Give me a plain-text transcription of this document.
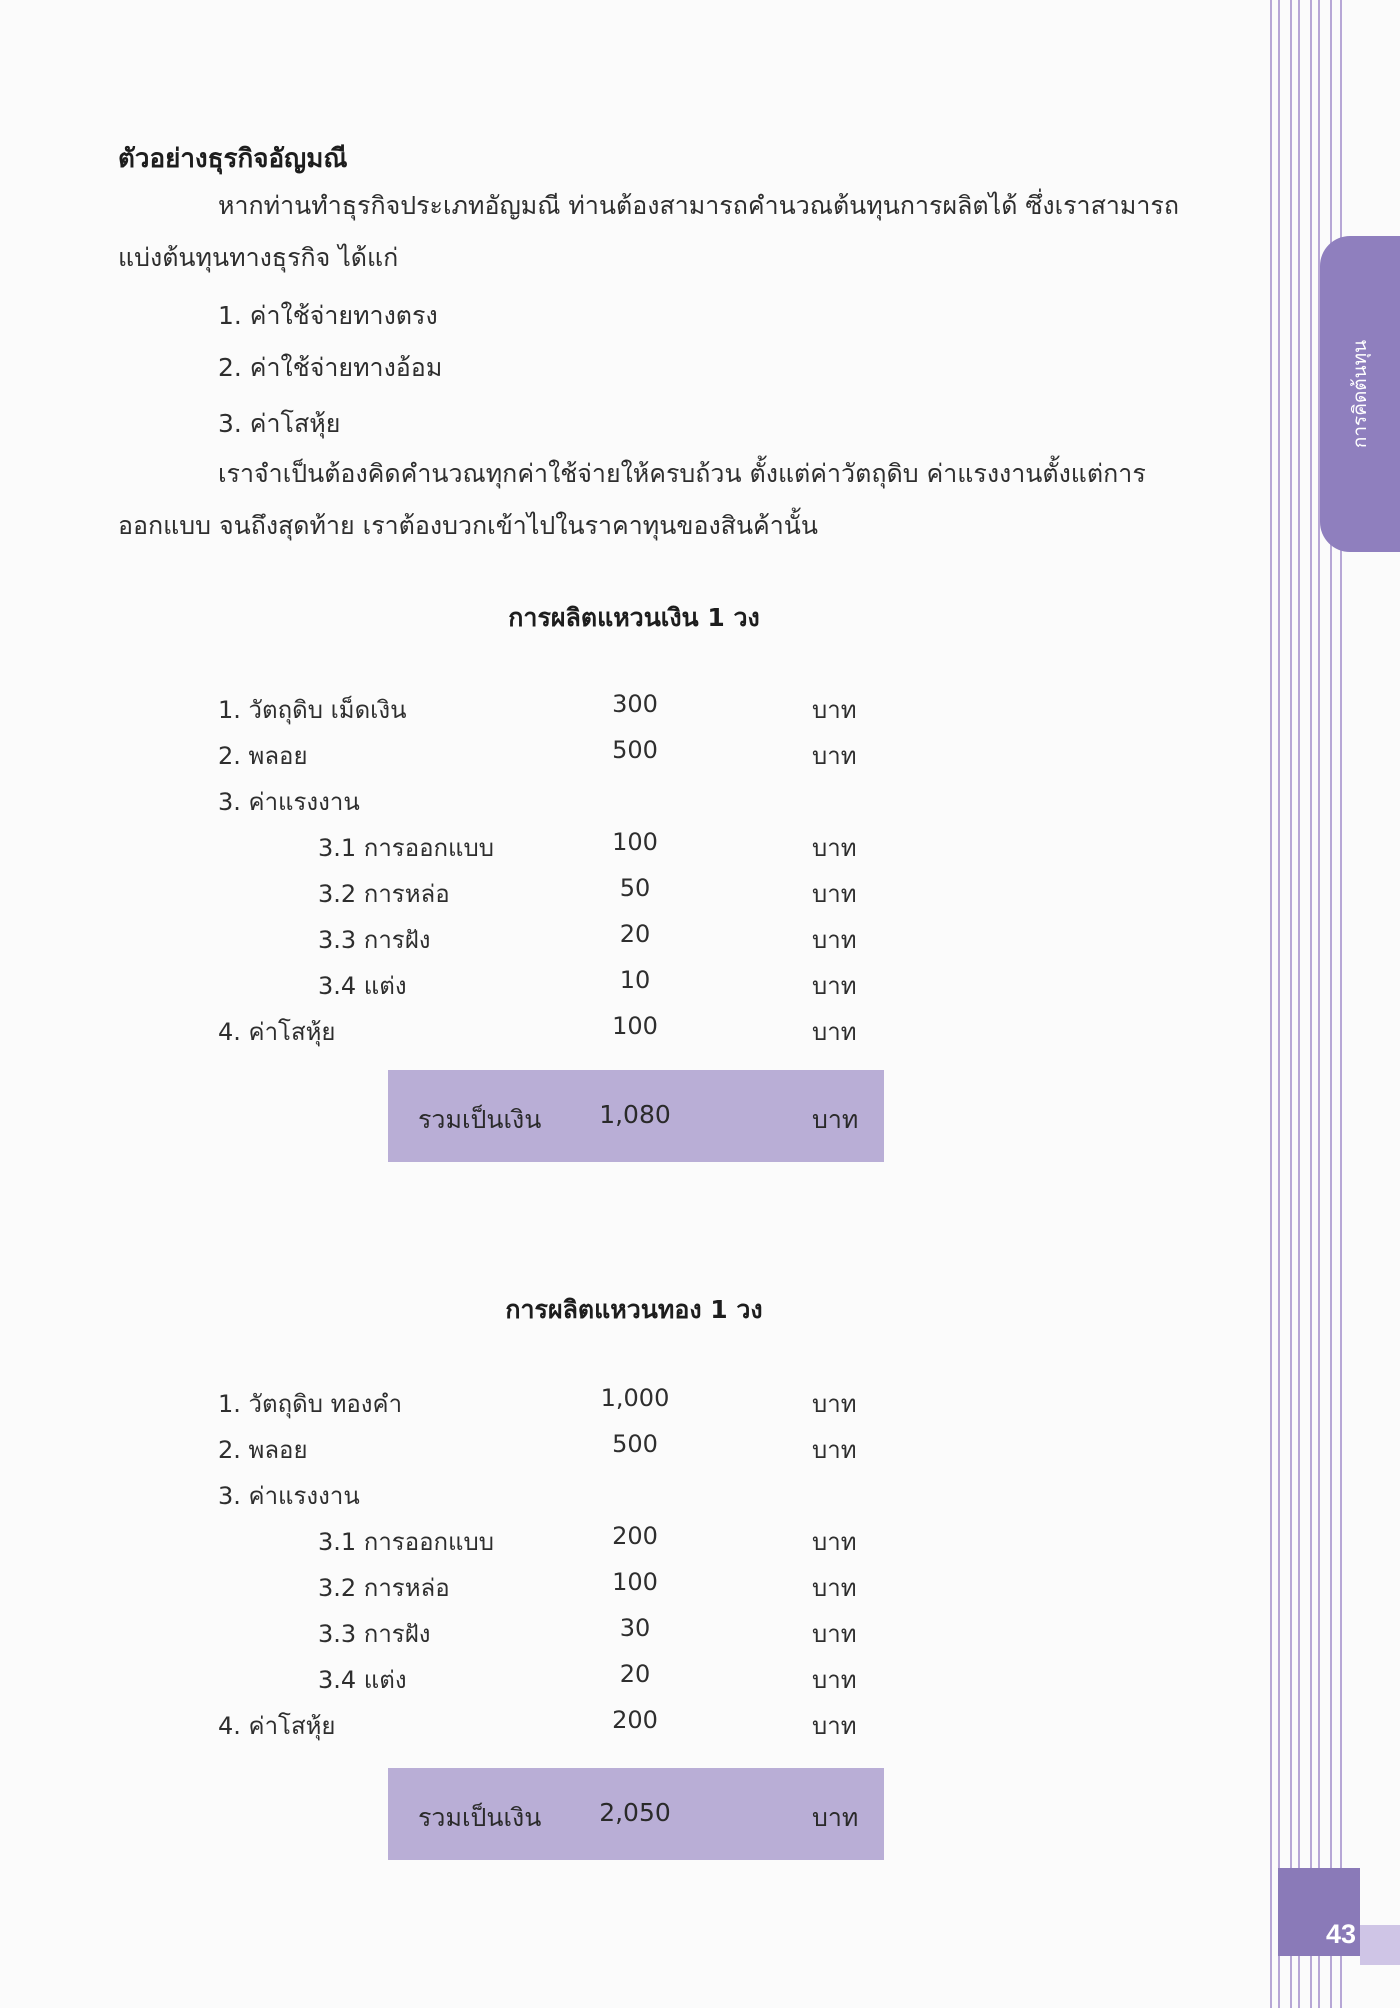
การคิดต้นทุน
43
ตัวอย่างธุรกิจอัญมณี
หากท่านทำธุรกิจประเภทอัญมณี ท่านต้องสามารถคำนวณต้นทุนการผลิตได้ ซึ่งเราสามารถ
แบ่งต้นทุนทางธุรกิจ ได้แก่
1. ค่าใช้จ่ายทางตรง
2. ค่าใช้จ่ายทางอ้อม
3. ค่าโสหุ้ย
เราจำเป็นต้องคิดคำนวณทุกค่าใช้จ่ายให้ครบถ้วน ตั้งแต่ค่าวัตถุดิบ ค่าแรงงานตั้งแต่การ
ออกแบบ จนถึงสุดท้าย เราต้องบวกเข้าไปในราคาทุนของสินค้านั้น
การผลิตแหวนเงิน 1 วง
1. วัตถุดิบ เม็ดเงิน	300	บาท
2. พลอย	500	บาท
3. ค่าแรงงาน
3.1 การออกแบบ	100	บาท
3.2 การหล่อ	50	บาท
3.3 การฝัง	20	บาท
3.4 แต่ง	10	บาท
4. ค่าโสหุ้ย	100	บาท
รวมเป็นเงิน	1,080	บาท
การผลิตแหวนทอง 1 วง
1. วัตถุดิบ ทองคำ	1,000	บาท
2. พลอย	500	บาท
3. ค่าแรงงาน
3.1 การออกแบบ	200	บาท
3.2 การหล่อ	100	บาท
3.3 การฝัง	30	บาท
3.4 แต่ง	20	บาท
4. ค่าโสหุ้ย	200	บาท
รวมเป็นเงิน	2,050	บาท
